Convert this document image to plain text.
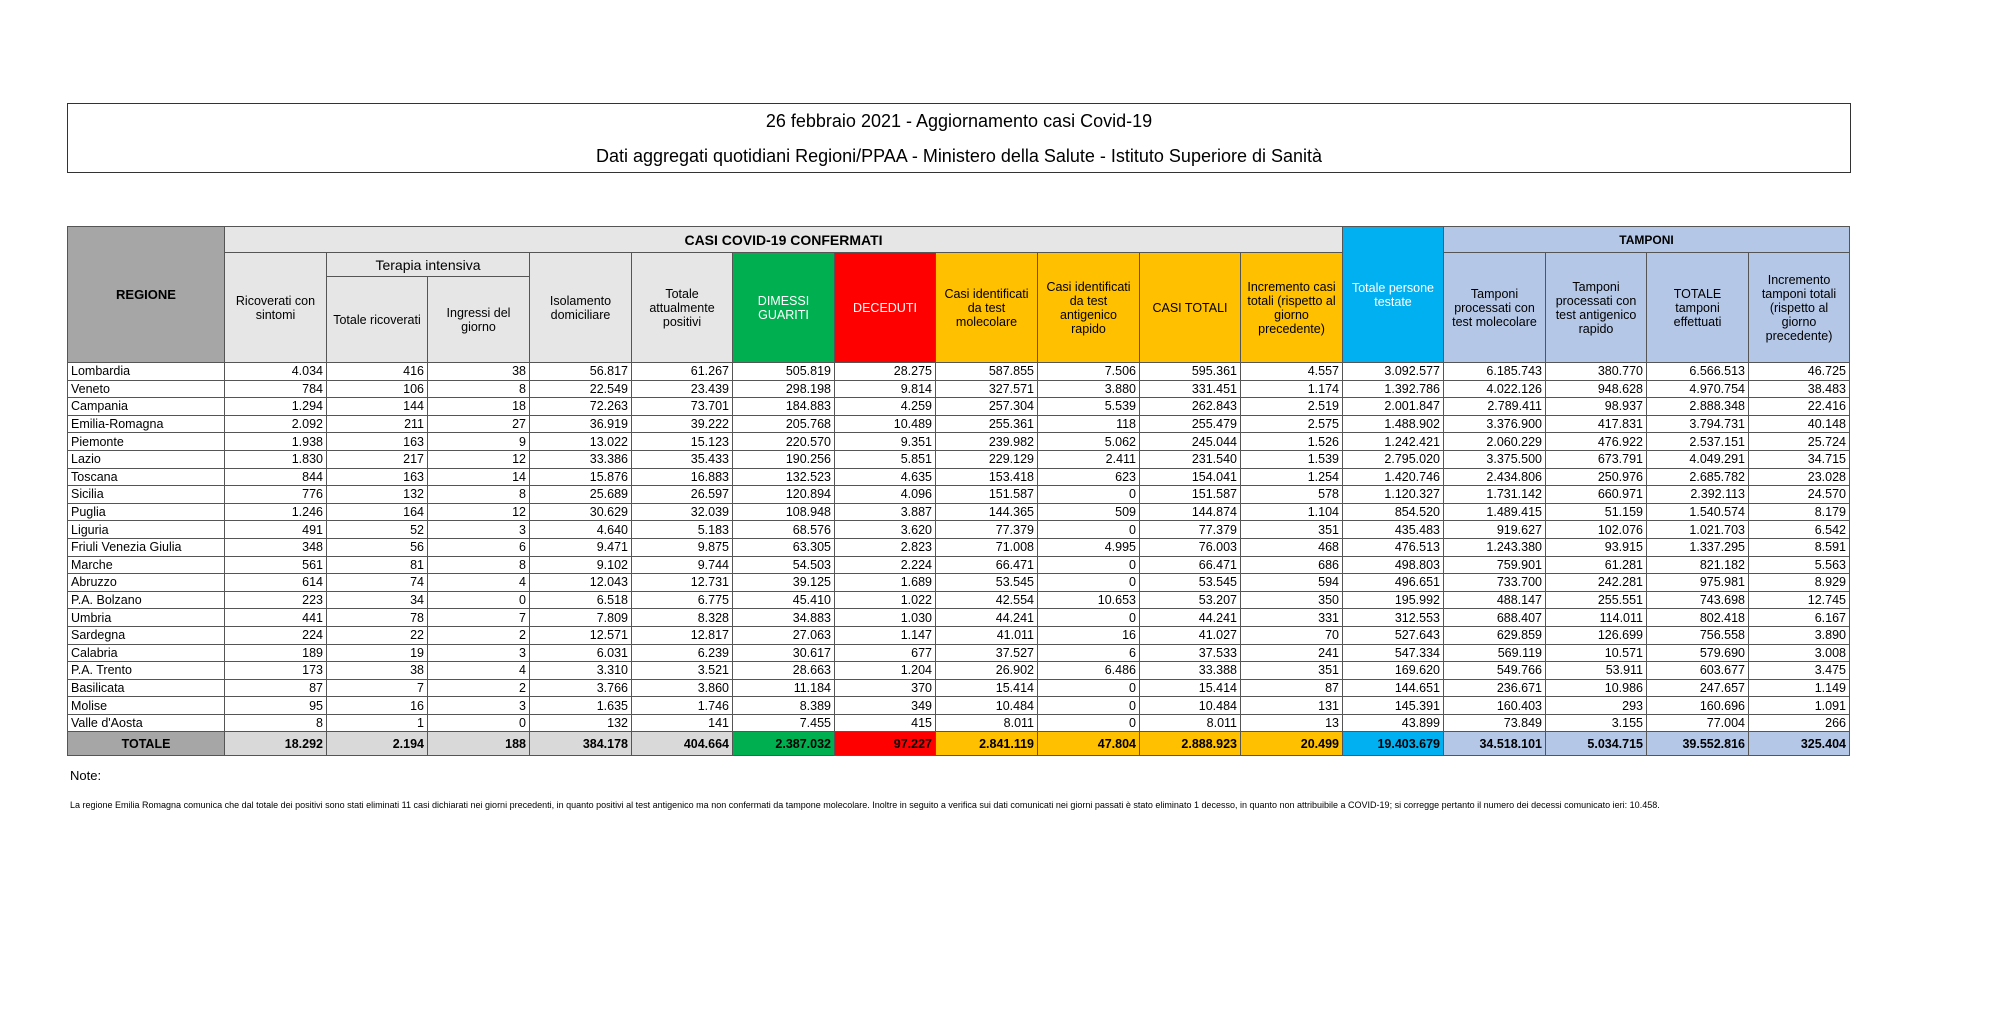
26 febbraio 2021 - Aggiornamento casi Covid-19
Dati aggregati quotidiani Regioni/PPAA - Ministero della Salute - Istituto Superiore di Sanità
REGIONE	CASI COVID-19 CONFERMATI											Totale persone testate	TAMPONI			
	Ricoverati con sintomi	Terapia intensiva		Isolamento domiciliare	Totale attualmente positivi	DIMESSI GUARITI	DECEDUTI	Casi identificati da test molecolare	Casi identificati da test antigenico rapido	CASI TOTALI	Incremento casi totali (rispetto al giorno precedente)		Tamponi processati con test molecolare	Tamponi processati con test antigenico rapido	TOTALE tamponi effettuati	Incremento tamponi totali (rispetto al giorno precedente)
		Totale ricoverati	Ingressi del giorno													
Lombardia	4.034	416	38	56.817	61.267	505.819	28.275	587.855	7.506	595.361	4.557	3.092.577	6.185.743	380.770	6.566.513	46.725
Veneto	784	106	8	22.549	23.439	298.198	9.814	327.571	3.880	331.451	1.174	1.392.786	4.022.126	948.628	4.970.754	38.483
Campania	1.294	144	18	72.263	73.701	184.883	4.259	257.304	5.539	262.843	2.519	2.001.847	2.789.411	98.937	2.888.348	22.416
Emilia-Romagna	2.092	211	27	36.919	39.222	205.768	10.489	255.361	118	255.479	2.575	1.488.902	3.376.900	417.831	3.794.731	40.148
Piemonte	1.938	163	9	13.022	15.123	220.570	9.351	239.982	5.062	245.044	1.526	1.242.421	2.060.229	476.922	2.537.151	25.724
Lazio	1.830	217	12	33.386	35.433	190.256	5.851	229.129	2.411	231.540	1.539	2.795.020	3.375.500	673.791	4.049.291	34.715
Toscana	844	163	14	15.876	16.883	132.523	4.635	153.418	623	154.041	1.254	1.420.746	2.434.806	250.976	2.685.782	23.028
Sicilia	776	132	8	25.689	26.597	120.894	4.096	151.587	0	151.587	578	1.120.327	1.731.142	660.971	2.392.113	24.570
Puglia	1.246	164	12	30.629	32.039	108.948	3.887	144.365	509	144.874	1.104	854.520	1.489.415	51.159	1.540.574	8.179
Liguria	491	52	3	4.640	5.183	68.576	3.620	77.379	0	77.379	351	435.483	919.627	102.076	1.021.703	6.542
Friuli Venezia Giulia	348	56	6	9.471	9.875	63.305	2.823	71.008	4.995	76.003	468	476.513	1.243.380	93.915	1.337.295	8.591
Marche	561	81	8	9.102	9.744	54.503	2.224	66.471	0	66.471	686	498.803	759.901	61.281	821.182	5.563
Abruzzo	614	74	4	12.043	12.731	39.125	1.689	53.545	0	53.545	594	496.651	733.700	242.281	975.981	8.929
P.A. Bolzano	223	34	0	6.518	6.775	45.410	1.022	42.554	10.653	53.207	350	195.992	488.147	255.551	743.698	12.745
Umbria	441	78	7	7.809	8.328	34.883	1.030	44.241	0	44.241	331	312.553	688.407	114.011	802.418	6.167
Sardegna	224	22	2	12.571	12.817	27.063	1.147	41.011	16	41.027	70	527.643	629.859	126.699	756.558	3.890
Calabria	189	19	3	6.031	6.239	30.617	677	37.527	6	37.533	241	547.334	569.119	10.571	579.690	3.008
P.A. Trento	173	38	4	3.310	3.521	28.663	1.204	26.902	6.486	33.388	351	169.620	549.766	53.911	603.677	3.475
Basilicata	87	7	2	3.766	3.860	11.184	370	15.414	0	15.414	87	144.651	236.671	10.986	247.657	1.149
Molise	95	16	3	1.635	1.746	8.389	349	10.484	0	10.484	131	145.391	160.403	293	160.696	1.091
Valle d'Aosta	8	1	0	132	141	7.455	415	8.011	0	8.011	13	43.899	73.849	3.155	77.004	266
TOTALE	18.292	2.194	188	384.178	404.664	2.387.032	97.227	2.841.119	47.804	2.888.923	20.499	19.403.679	34.518.101	5.034.715	39.552.816	325.404
Note:
La regione Emilia Romagna comunica che dal totale dei positivi sono stati eliminati 11 casi dichiarati nei giorni precedenti, in quanto positivi al test antigenico ma non confermati da tampone molecolare. Inoltre in seguito a verifica sui dati comunicati nei giorni passati è stato eliminato 1 decesso, in quanto non attribuibile a COVID-19; si corregge pertanto il numero dei decessi comunicato ieri: 10.458.
